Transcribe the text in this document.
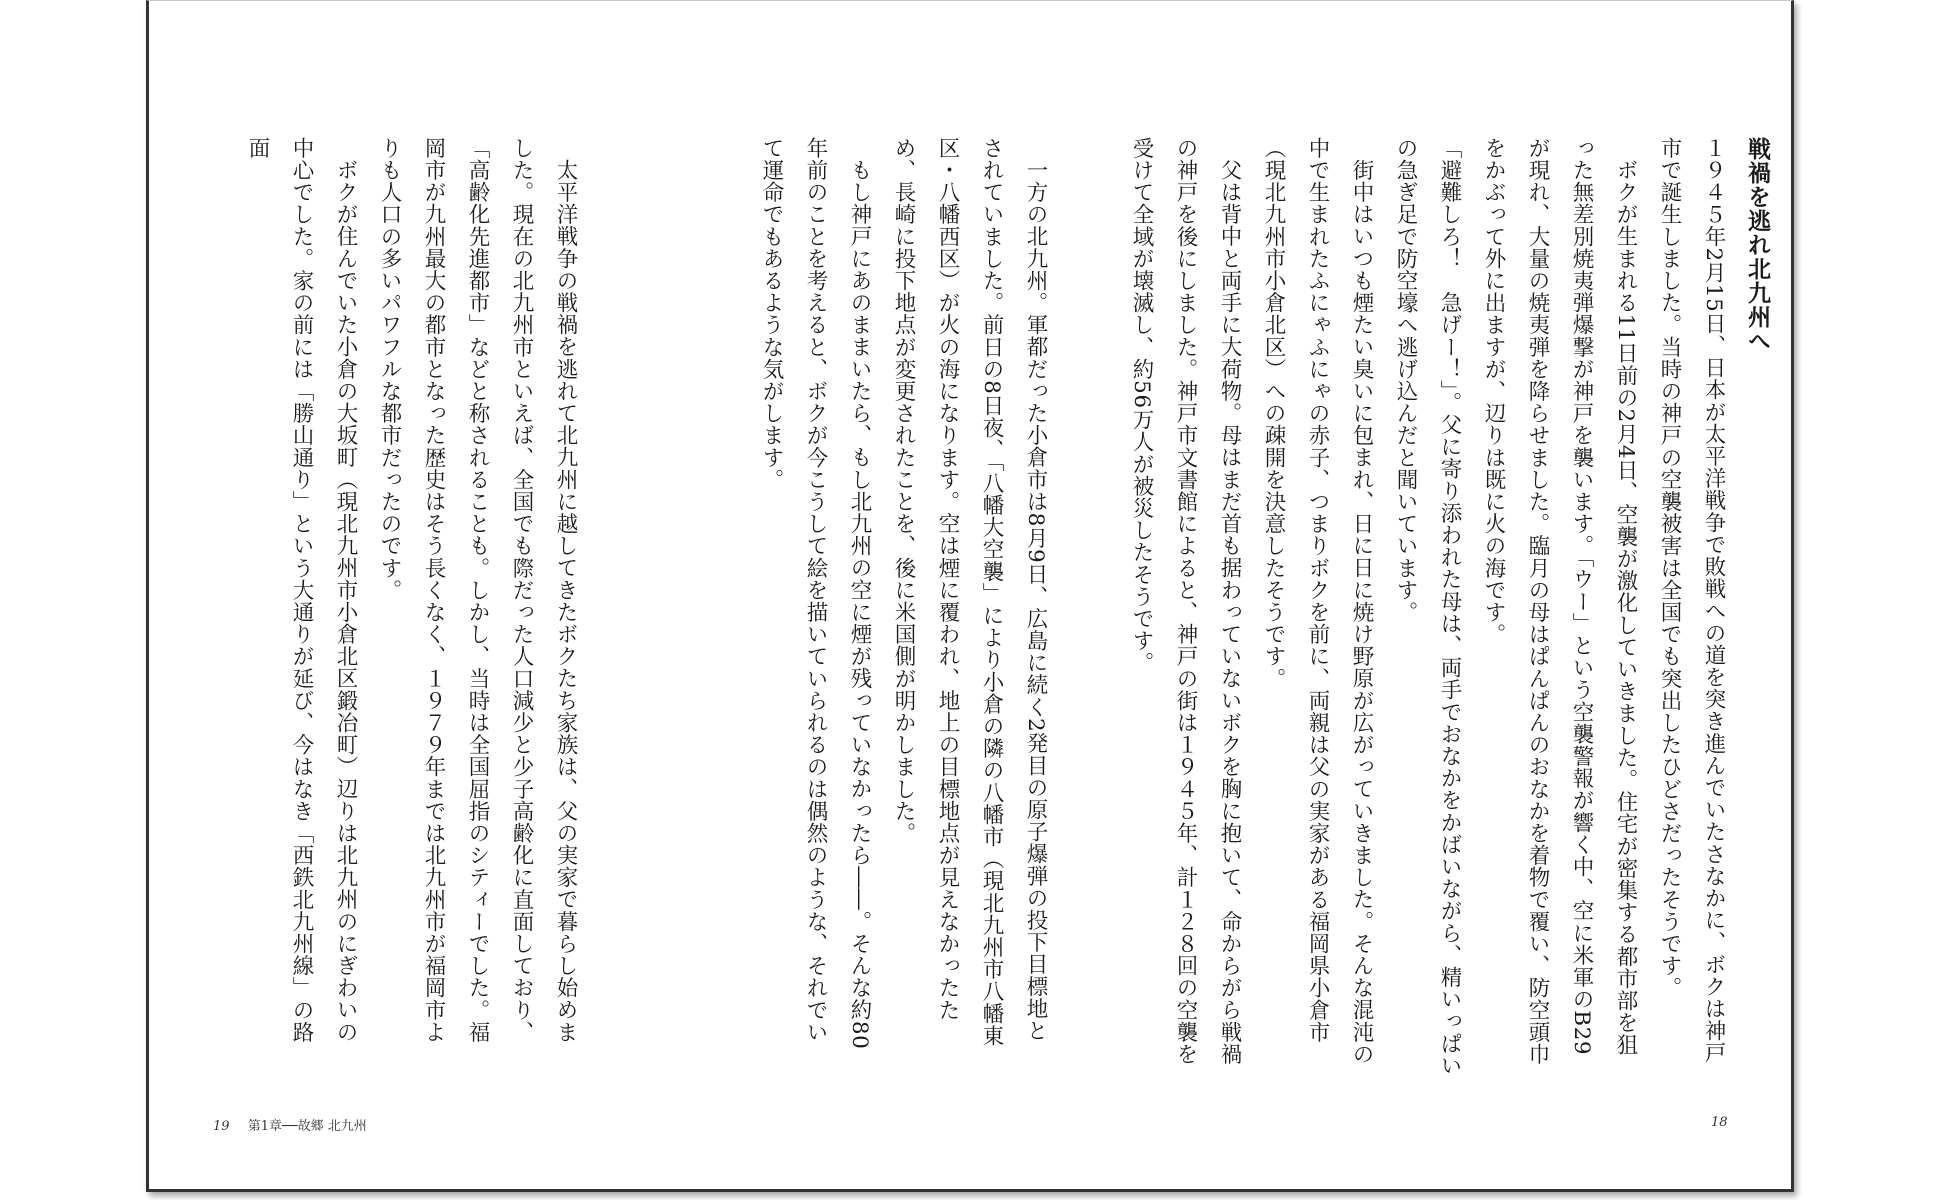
戦禍を逃れ北九州へ

１９４５年2月15日、日本が太平洋戦争で敗戦への道を突き進んでいたさなかに、ボクは神戸市で誕生しました。当時の神戸の空襲被害は全国でも突出したひどさだったそうです。

ボクが生まれる11日前の2月4日、空襲が激化していきました。住宅が密集する都市部を狙った無差別焼夷弾爆撃が神戸を襲います。「ウー」という空襲警報が響く中、空に米軍のB29が現れ、大量の焼夷弾を降らせました。臨月の母はぱんぱんのおなかを着物で覆い、防空頭巾をかぶって外に出ますが、辺りは既に火の海です。

「避難しろ！　急げー！」。父に寄り添われた母は、両手でおなかをかばいながら、精いっぱいの急ぎ足で防空壕へ逃げ込んだと聞いています。

街中はいつも煙たい臭いに包まれ、日に日に焼け野原が広がっていきました。そんな混沌の中で生まれたふにゃふにゃの赤子、つまりボクを前に、両親は父の実家がある福岡県小倉市（現北九州市小倉北区）への疎開を決意したそうです。

父は背中と両手に大荷物。母はまだ首も据わっていないボクを胸に抱いて、命からがら戦禍の神戸を後にしました。神戸市文書館によると、神戸の街は１９４５年、計１２８回の空襲を受けて全域が壊滅し、約56万人が被災したそうです。

一方の北九州。軍都だった小倉市は8月9日、広島に続く2発目の原子爆弾の投下目標地とされていました。前日の8日夜、「八幡大空襲」により小倉の隣の八幡市（現北九州市八幡東区・八幡西区）が火の海になります。空は煙に覆われ、地上の目標地点が見えなかったため、長崎に投下地点が変更されたことを、後に米国側が明かしました。

もし神戸にあのままいたら、もし北九州の空に煙が残っていなかったら――。そんな約80年前のことを考えると、ボクが今こうして絵を描いていられるのは偶然のような、それでいて運命でもあるような気がします。

太平洋戦争の戦禍を逃れて北九州に越してきたボクたち家族は、父の実家で暮らし始めました。現在の北九州市といえば、全国でも際だった人口減少と少子高齢化に直面しており、「高齢化先進都市」などと称されることも。しかし、当時は全国屈指のシティーでした。福岡市が九州最大の都市となった歴史はそう長くなく、１９７９年までは北九州市が福岡市よりも人口の多いパワフルな都市だったのです。

ボクが住んでいた小倉の大坂町（現北九州市小倉北区鍛冶町）辺りは北九州のにぎわいの中心でした。家の前には「勝山通り」という大通りが延び、今はなき「西鉄北九州線」の路面

19 第1章──故郷 北九州	18
